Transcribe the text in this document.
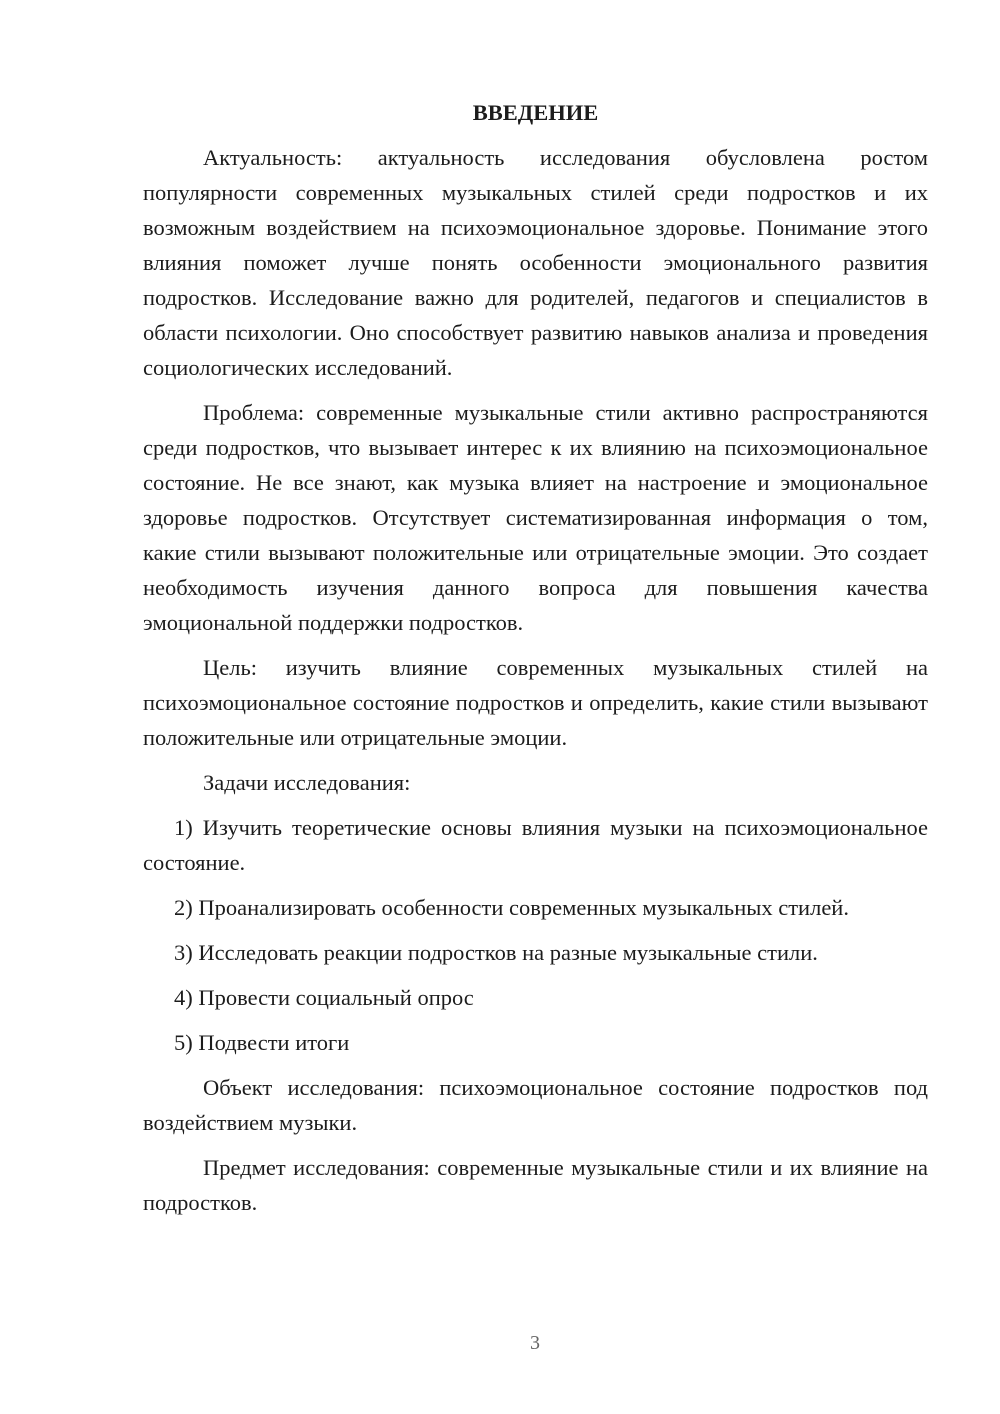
ВВЕДЕНИЕ

Актуальность: актуальность исследования обусловлена ростом популярности современных музыкальных стилей среди подростков и их возможным воздействием на психоэмоциональное здоровье. Понимание этого влияния поможет лучше понять особенности эмоционального развития подростков. Исследование важно для родителей, педагогов и специалистов в области психологии. Оно способствует развитию навыков анализа и проведения социологических исследований.

Проблема: современные музыкальные стили активно распространяются среди подростков, что вызывает интерес к их влиянию на психоэмоциональное состояние. Не все знают, как музыка влияет на настроение и эмоциональное здоровье подростков. Отсутствует систематизированная информация о том, какие стили вызывают положительные или отрицательные эмоции. Это создает необходимость изучения данного вопроса для повышения качества эмоциональной поддержки подростков.

Цель: изучить влияние современных музыкальных стилей на психоэмоциональное состояние подростков и определить, какие стили вызывают положительные или отрицательные эмоции.

Задачи исследования:

1) Изучить теоретические основы влияния музыки на психоэмоциональное состояние.

2) Проанализировать особенности современных музыкальных стилей.

3) Исследовать реакции подростков на разные музыкальные стили.

4) Провести социальный опрос

5) Подвести итоги

Объект исследования: психоэмоциональное состояние подростков под воздействием музыки.

Предмет исследования: современные музыкальные стили и их влияние на подростков.

3
